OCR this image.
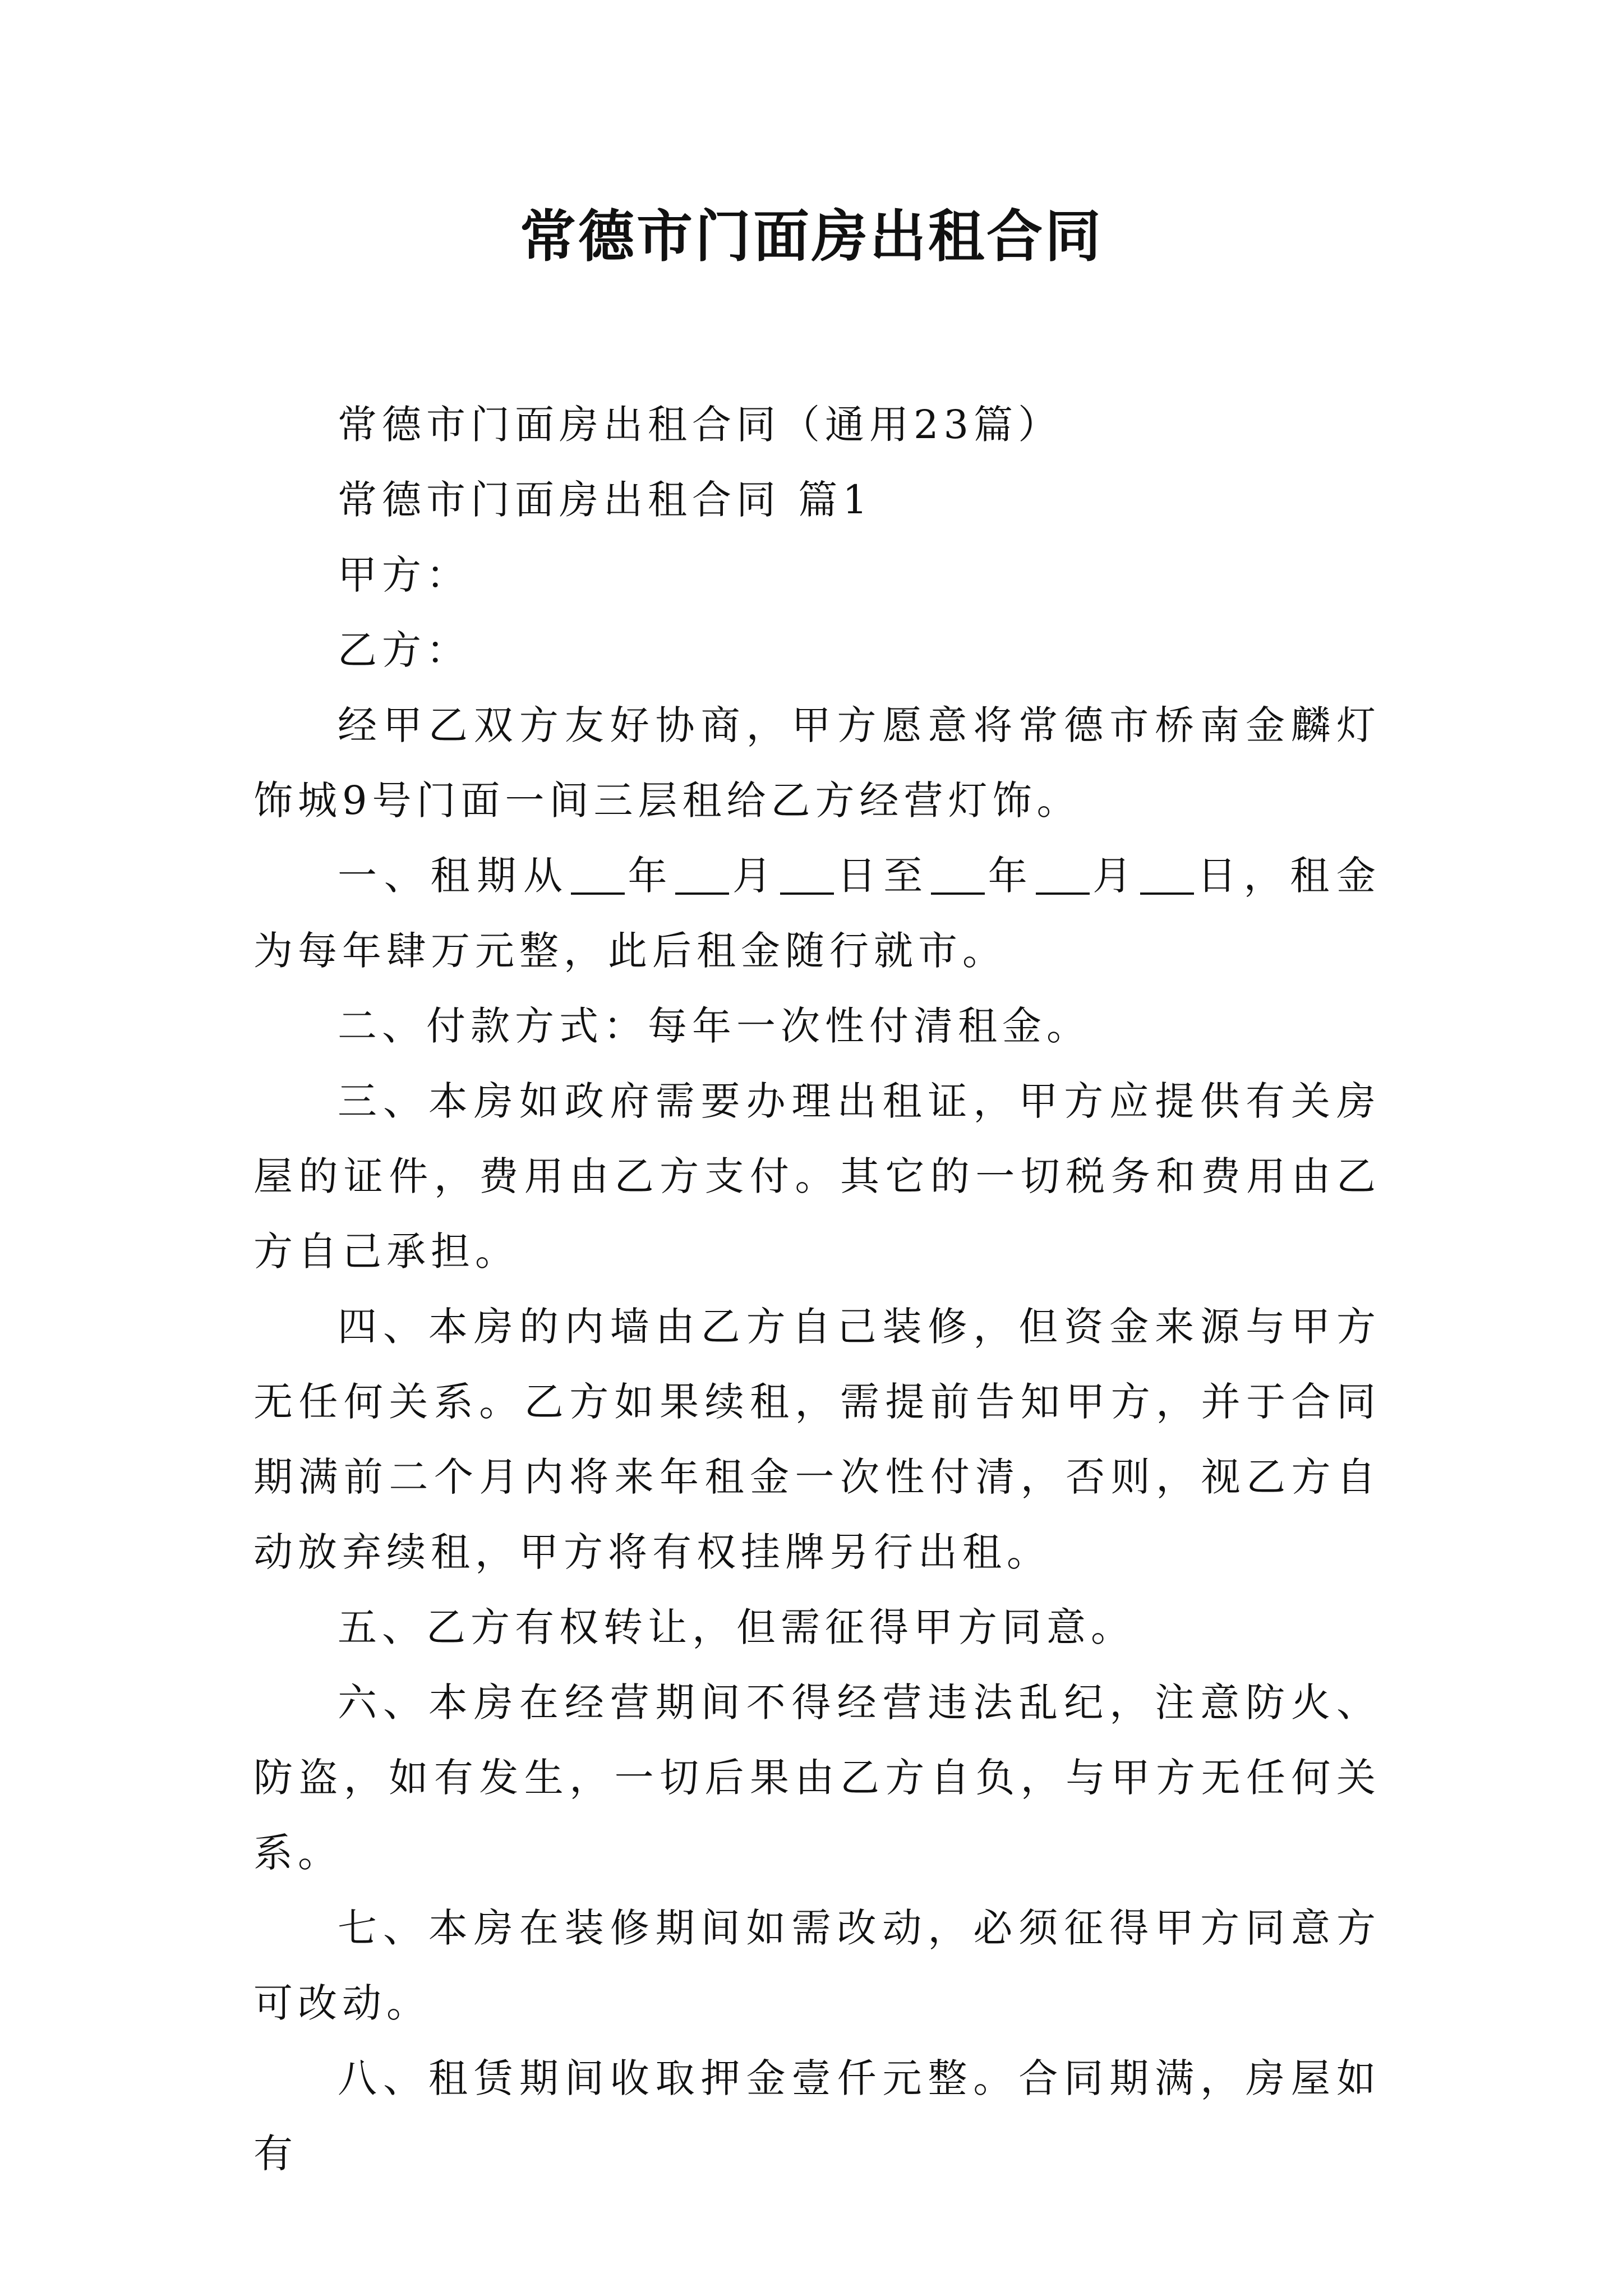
常德市门面房出租合同

常德市门面房出租合同（通用23篇）

常德市门面房出租合同 篇1

甲方：

乙方：

经甲乙双方友好协商，甲方愿意将常德市桥南金麟灯饰城9号门面一间三层租给乙方经营灯饰。

一、租期从 年 月 日至 年 月 日，租金为每年肆万元整，此后租金随行就市。

二、付款方式：每年一次性付清租金。

三、本房如政府需要办理出租证，甲方应提供有关房屋的证件，费用由乙方支付。其它的一切税务和费用由乙方自己承担。

四、本房的内墙由乙方自己装修，但资金来源与甲方无任何关系。乙方如果续租，需提前告知甲方，并于合同期满前二个月内将来年租金一次性付清，否则，视乙方自动放弃续租，甲方将有权挂牌另行出租。

五、乙方有权转让，但需征得甲方同意。

六、本房在经营期间不得经营违法乱纪，注意防火、防盗，如有发生，一切后果由乙方自负，与甲方无任何关系。

七、本房在装修期间如需改动，必须征得甲方同意方可改动。

八、租赁期间收取押金壹仟元整。合同期满，房屋如有
